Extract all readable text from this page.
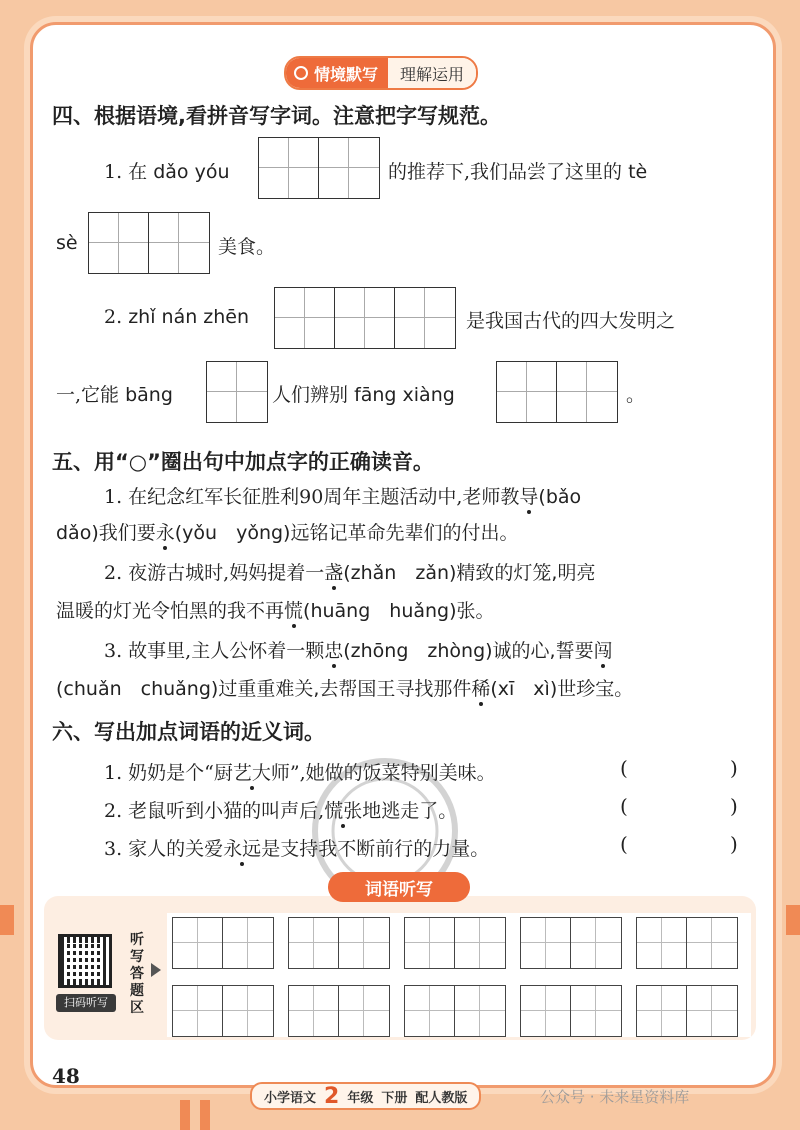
情境默写	理解运用
四、根据语境,看拼音写字词。注意把字写规范。
1. 在 dǎo yóu	的推荐下,我们品尝了这里的 tè
sè	美食。
2. zhǐ nán zhēn	是我国古代的四大发明之
一,它能 bāng	人们辨别 fāng xiàng	。
五、用“○”圈出句中加点字的正确读音。
1. 在纪念红军长征胜利90周年主题活动中,老师教导(bǎo
dǎo)我们要永(yǒu　yǒng)远铭记革命先辈们的付出。
2. 夜游古城时,妈妈提着一盏(zhǎn　zǎn)精致的灯笼,明亮
温暖的灯光令怕黑的我不再慌(huāng　huǎng)张。
3. 故事里,主人公怀着一颗忠(zhōng　zhòng)诚的心,誓要闯
(chuǎn　chuǎng)过重重难关,去帮国王寻找那件稀(xī　xì)世珍宝。
六、写出加点词语的近义词。
1. 奶奶是个“厨艺大师”,她做的饭菜特别美味。	(	)
2. 老鼠听到小猫的叫声后,慌张地逃走了。	(	)
3. 家人的关爱永远是支持我不断前行的力量。	(	)
词语听写
扫码听写
听写答题区
48
小学语文 2 年级 下册 配人教版	公众号 · 未来星资料库
